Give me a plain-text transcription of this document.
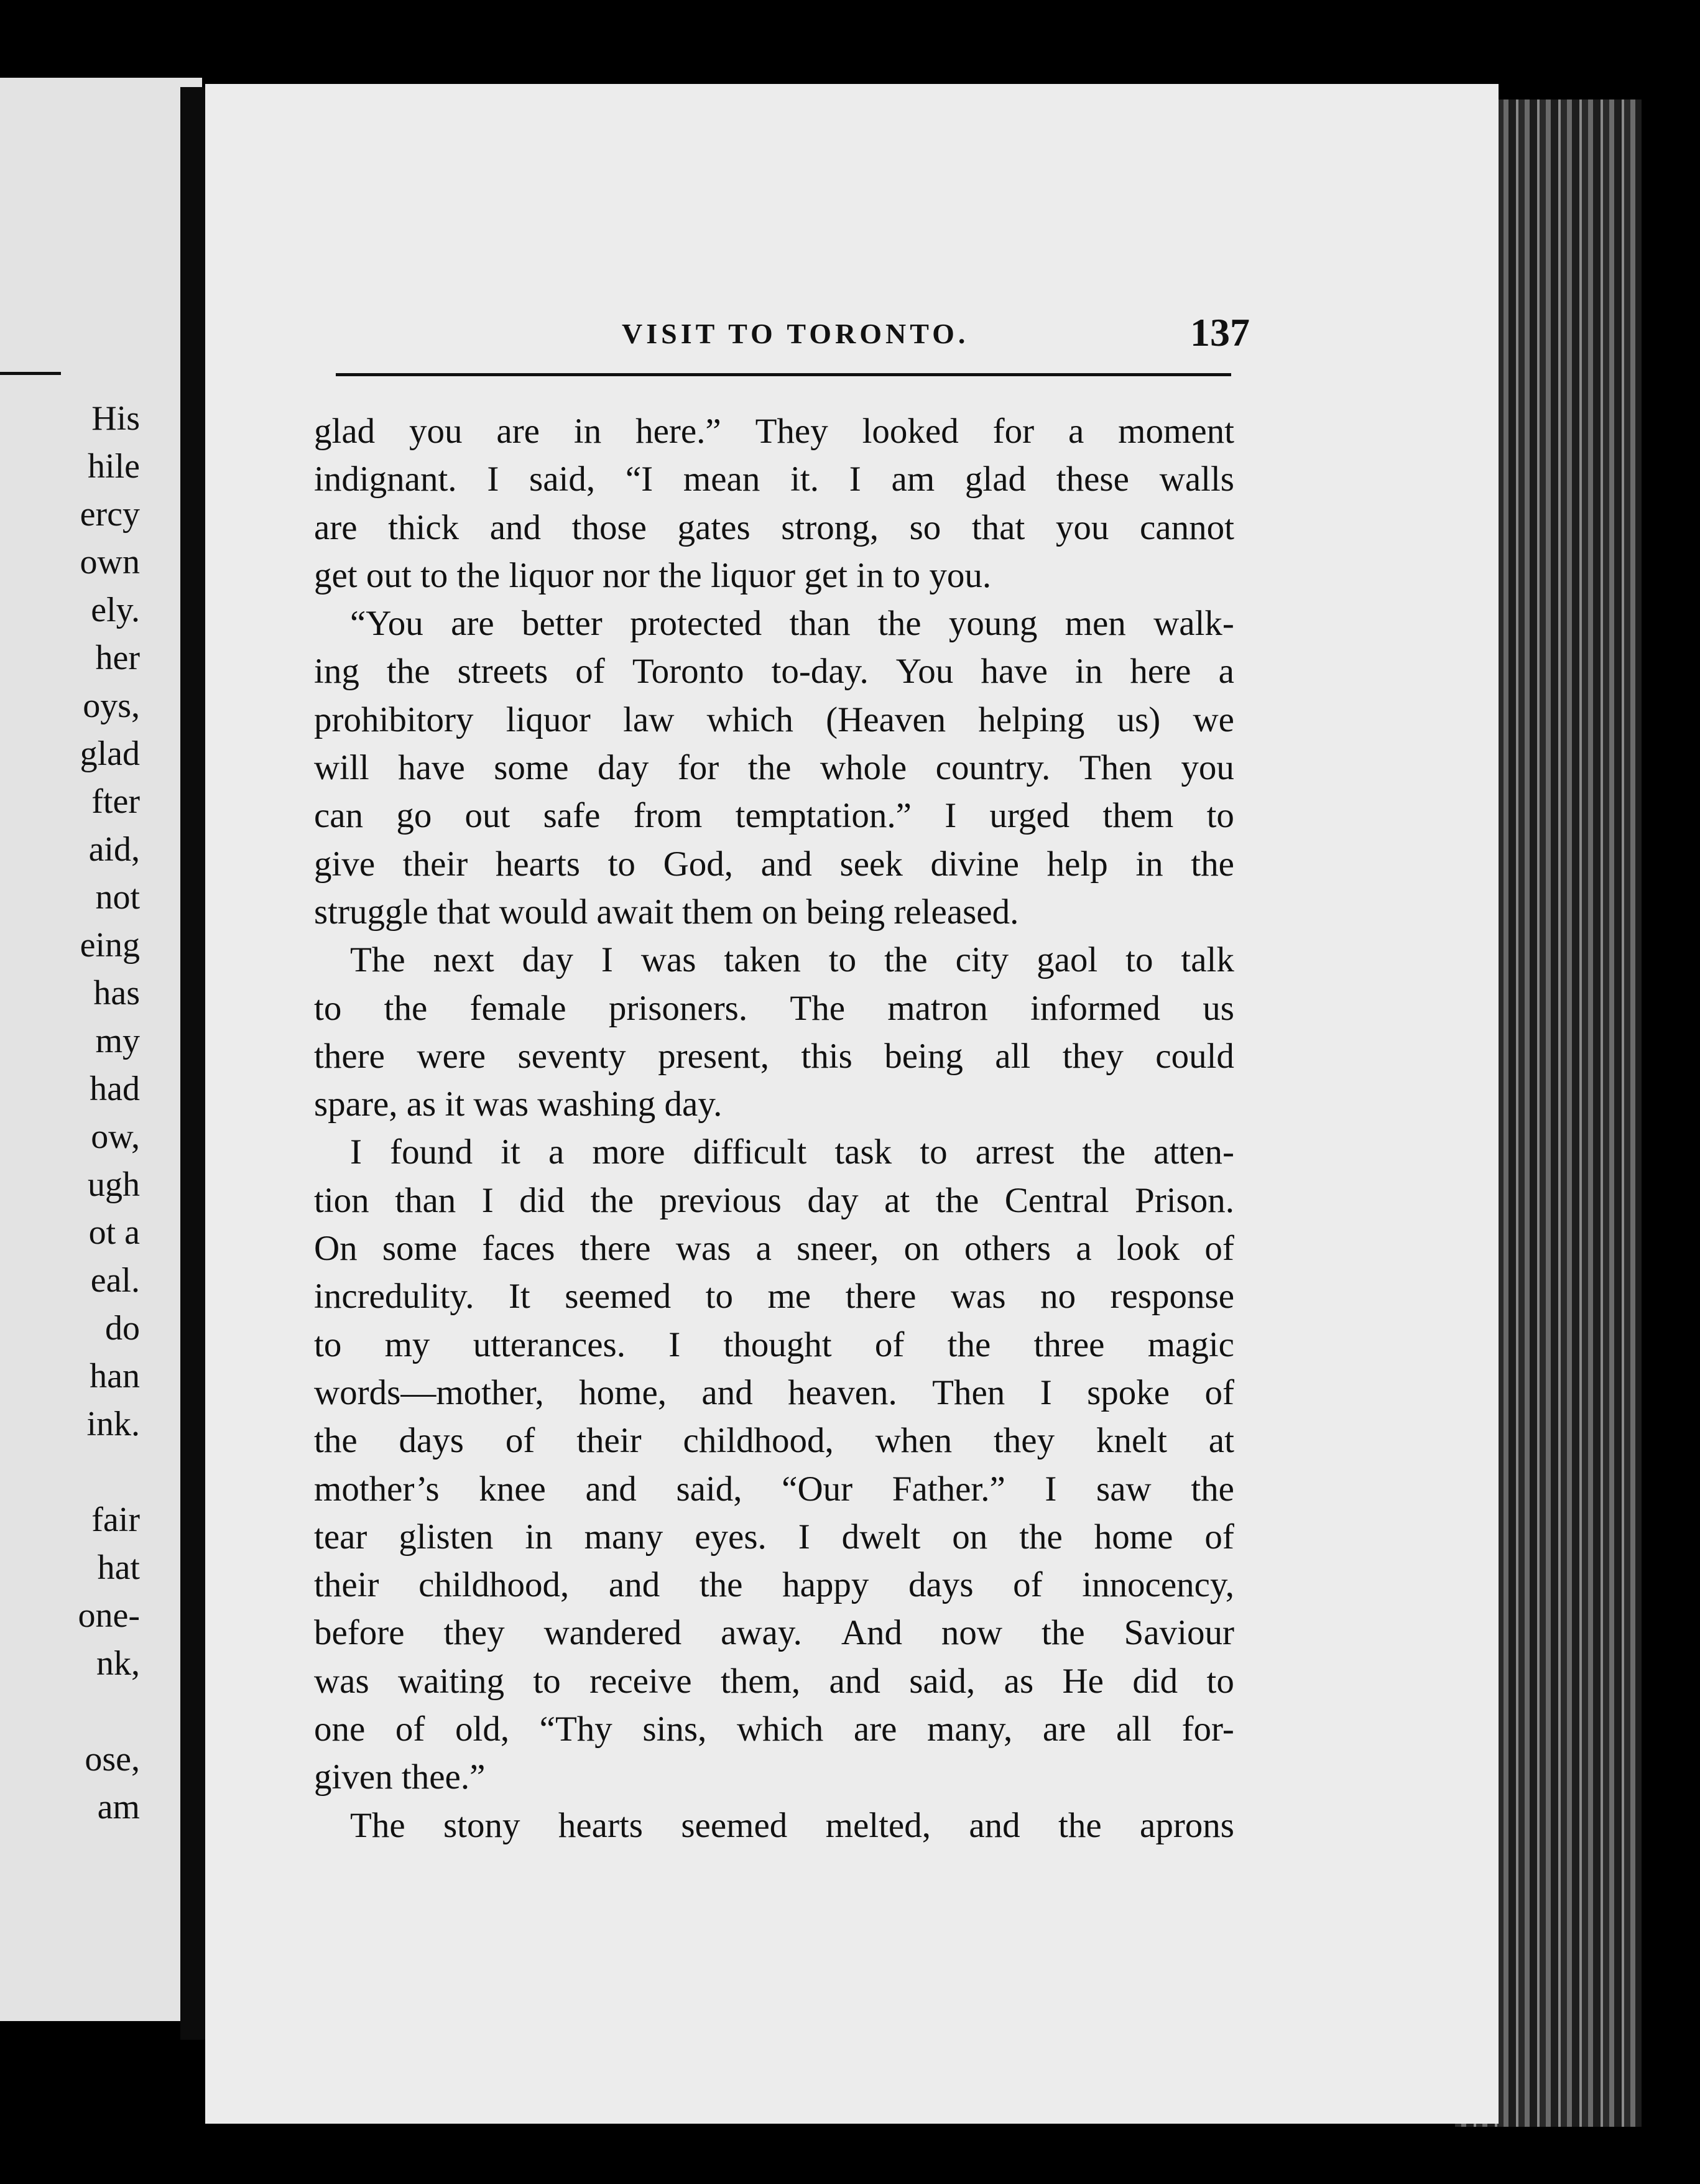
His
hile
ercy
own
ely.
her
oys,
glad
fter
aid,
not
eing
has
my
had
ow,
ugh
ot a
eal.
do
han
ink.
fair
hat
one-
nk,
ose,
am
VISIT TO TORONTO.	137
glad you are in here.” They looked for a moment
indignant. I said, “I mean it. I am glad these walls
are thick and those gates strong, so that you cannot
get out to the liquor nor the liquor get in to you.
“You are better protected than the young men walk-
ing the streets of Toronto to-day. You have in here a
prohibitory liquor law which (Heaven helping us) we
will have some day for the whole country. Then you
can go out safe from temptation.” I urged them to
give their hearts to God, and seek divine help in the
struggle that would await them on being released.
The next day I was taken to the city gaol to talk
to the female prisoners. The matron informed us
there were seventy present, this being all they could
spare, as it was washing day.
I found it a more difficult task to arrest the atten-
tion than I did the previous day at the Central Prison.
On some faces there was a sneer, on others a look of
incredulity. It seemed to me there was no response
to my utterances. I thought of the three magic
words—mother, home, and heaven. Then I spoke of
the days of their childhood, when they knelt at
mother’s knee and said, “Our Father.” I saw the
tear glisten in many eyes. I dwelt on the home of
their childhood, and the happy days of innocency,
before they wandered away. And now the Saviour
was waiting to receive them, and said, as He did to
one of old, “Thy sins, which are many, are all for-
given thee.”
The stony hearts seemed melted, and the aprons
